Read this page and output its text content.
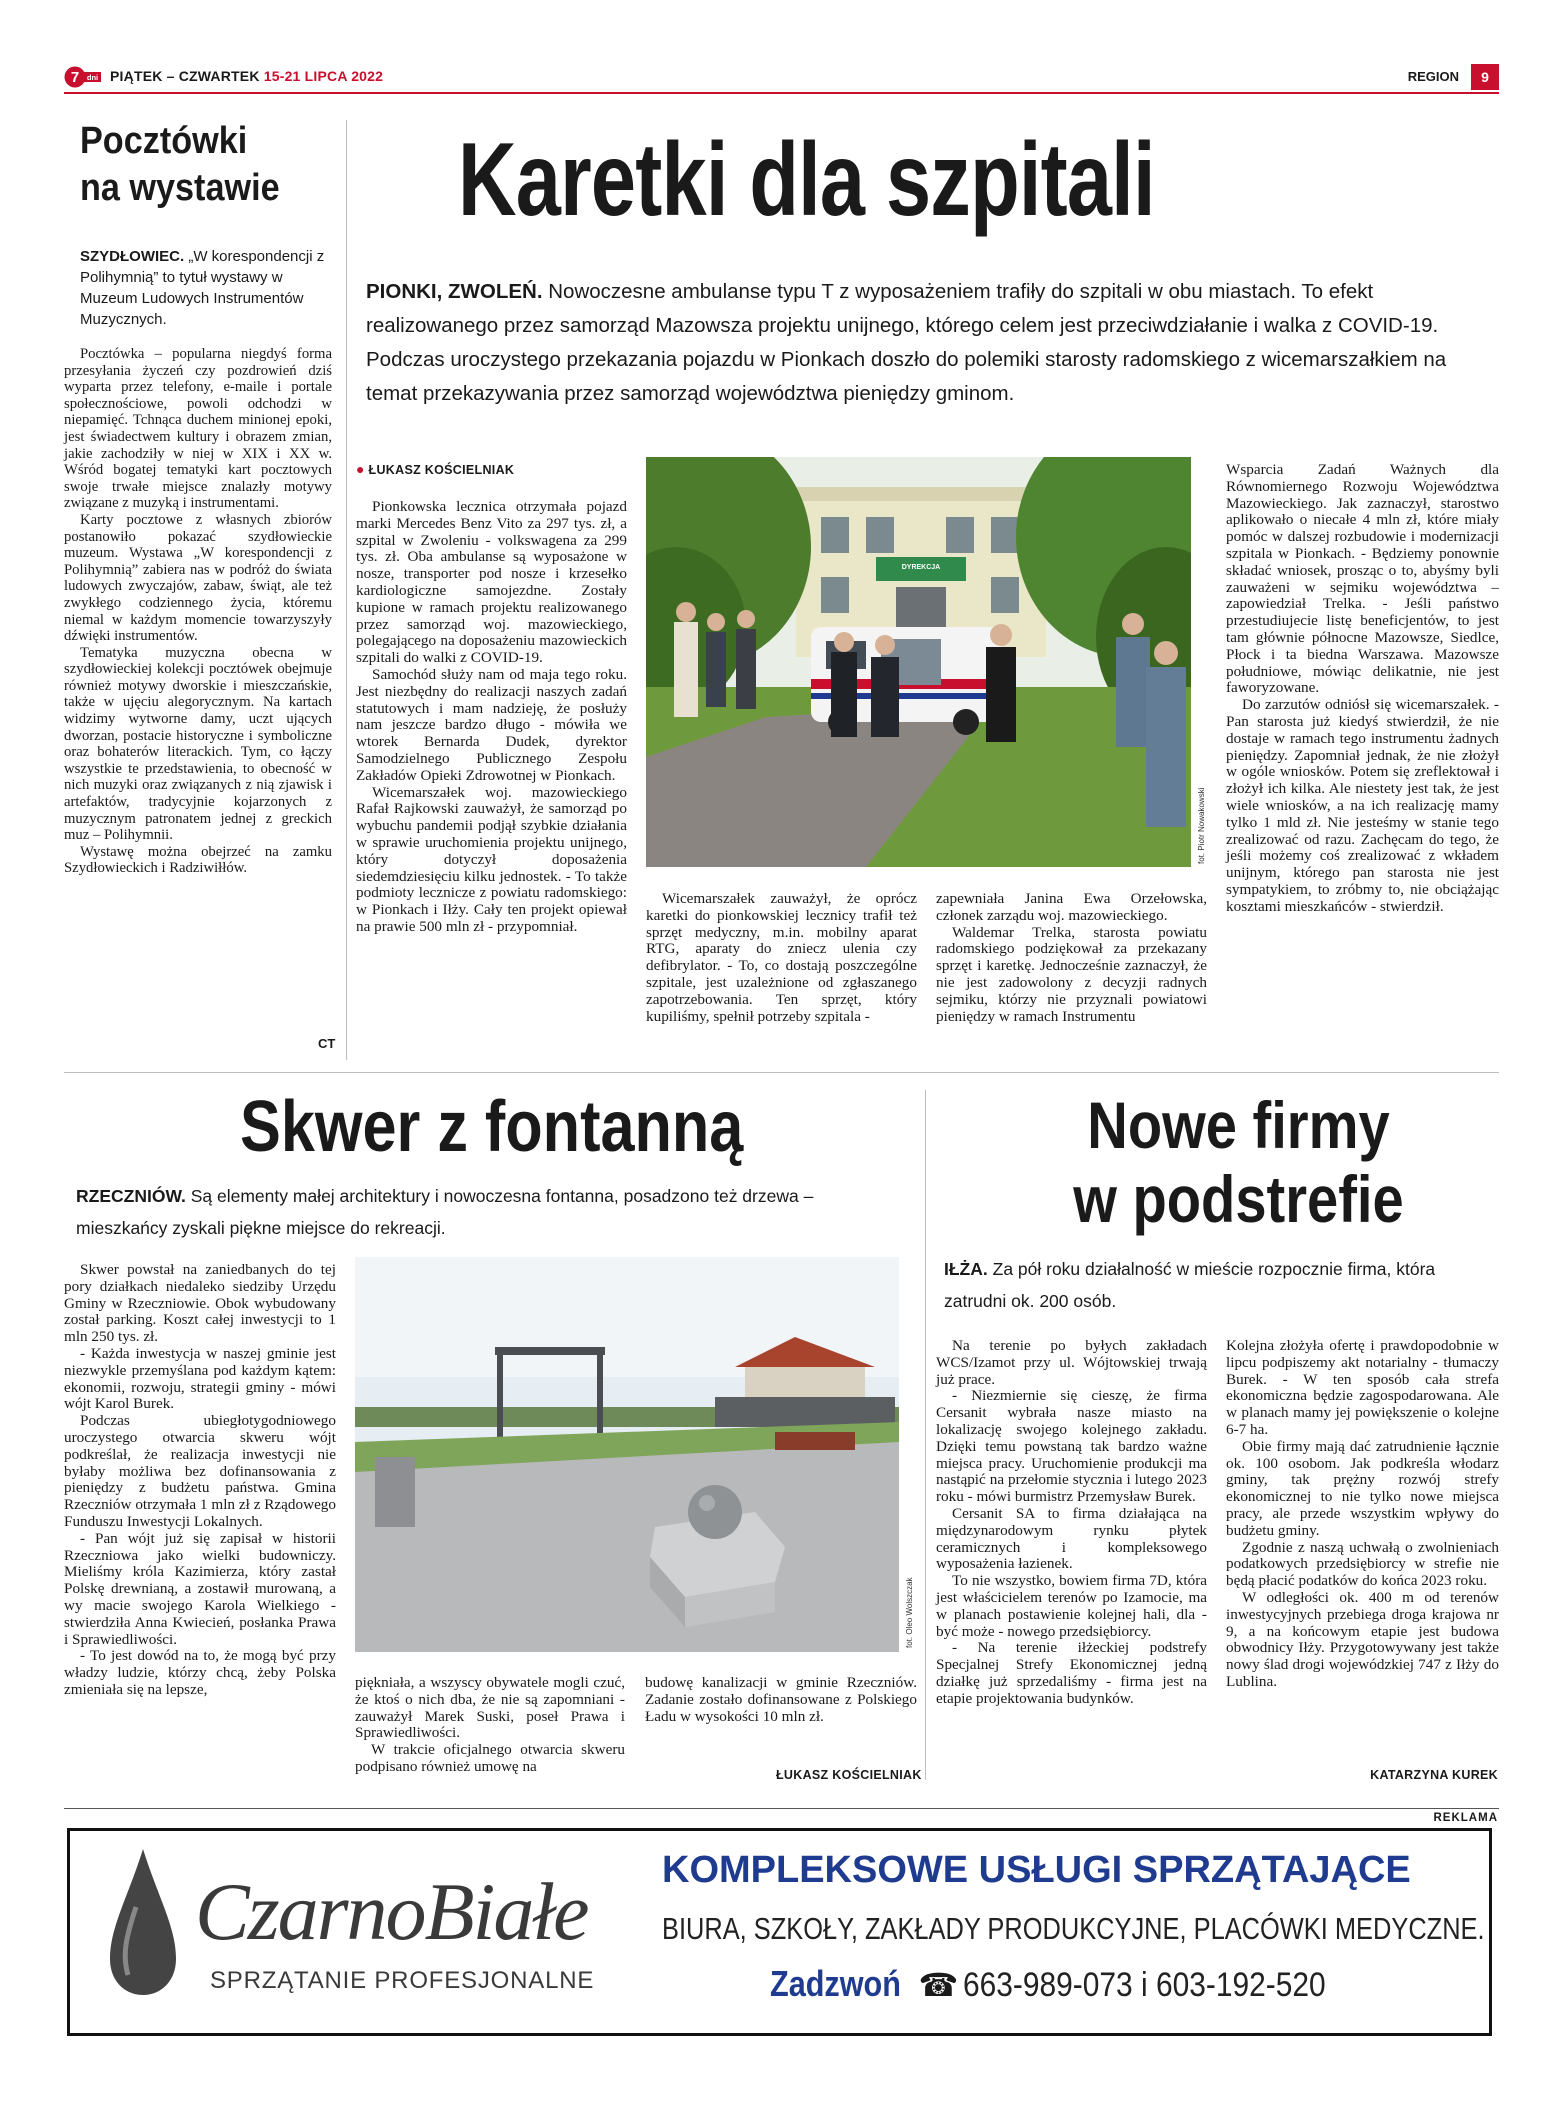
7 dni PIĄTEK – CZWARTEK 15-21 LIPCA 2022	REGION	9
Pocztówki
na wystawie
SZYDŁOWIEC. „W korespondencji z Polihymnią” to tytuł wystawy w Muzeum Ludowych Instrumentów Muzycznych.

Pocztówka – popularna niegdyś forma przesyłania życzeń czy pozdrowień dziś wyparta przez telefony, e-maile i portale społecznościowe, powoli odchodzi w niepamięć. Tchnąca duchem minionej epoki, jest świadectwem kultury i obrazem zmian, jakie zachodziły w niej w XIX i XX w. Wśród bogatej tematyki kart pocztowych swoje trwałe miejsce znalazły motywy związane z muzyką i instrumentami.

Karty pocztowe z własnych zbiorów postanowiło pokazać szydłowieckie muzeum. Wystawa „W korespondencji z Polihymnią” zabiera nas w podróż do świata ludowych zwyczajów, zabaw, świąt, ale też zwykłego codziennego życia, któremu niemal w każdym momencie towarzyszyły dźwięki instrumentów.

Tematyka muzyczna obecna w szydłowieckiej kolekcji pocztówek obejmuje również motywy dworskie i mieszczańskie, także w ujęciu alegorycznym. Na kartach widzimy wytworne damy, uczt ujących dworzan, postacie historyczne i symboliczne oraz bohaterów literackich. Tym, co łączy wszystkie te przedstawienia, to obecność w nich muzyki oraz związanych z nią zjawisk i artefaktów, tradycyjnie kojarzonych z muzycznym patronatem jednej z greckich muz – Polihymnii.

Wystawę można obejrzeć na zamku Szydłowieckich i Radziwiłłów.

CT
Karetki dla szpitali
PIONKI, ZWOLEŃ. Nowoczesne ambulanse typu T z wyposażeniem trafiły do szpitali w obu miastach. To efekt realizowanego przez samorząd Mazowsza projektu unijnego, którego celem jest przeciwdziałanie i walka z COVID-19. Podczas uroczystego przekazania pojazdu w Pionkach doszło do polemiki starosty radomskiego z wicemarszałkiem na temat przekazywania przez samorząd województwa pieniędzy gminom.
● ŁUKASZ KOŚCIELNIAK
DYREKCJA
fot. Piotr Nowakowski

Pionkowska lecznica otrzymała pojazd marki Mercedes Benz Vito za 297 tys. zł, a szpital w Zwoleniu - volkswagena za 299 tys. zł. Oba ambulanse są wyposażone w nosze, transporter pod nosze i krzesełko kardiologiczne samojezdne. Zostały kupione w ramach projektu realizowanego przez samorząd woj. mazowieckiego, polegającego na doposażeniu mazowieckich szpitali do walki z COVID-19.

Samochód służy nam od maja tego roku. Jest niezbędny do realizacji naszych zadań statutowych i mam nadzieję, że posłuży nam jeszcze bardzo długo - mówiła we wtorek Bernarda Dudek, dyrektor Samodzielnego Publicznego Zespołu Zakładów Opieki Zdrowotnej w Pionkach.

Wicemarszałek woj. mazowieckiego Rafał Rajkowski zauważył, że samorząd po wybuchu pandemii podjął szybkie działania w sprawie uruchomienia projektu unijnego, który dotyczył doposażenia siedemdziesięciu kilku jednostek. - To także podmioty lecznicze z powiatu radomskiego: w Pionkach i Iłży. Cały ten projekt opiewał na prawie 500 mln zł - przypomniał.

Wicemarszałek zauważył, że oprócz karetki do pionkowskiej lecznicy trafił też sprzęt medyczny, m.in. mobilny aparat RTG, aparaty do zniecz ulenia czy defibrylator. - To, co dostają poszczególne szpitale, jest uzależnione od zgłaszanego zapotrzebowania. Ten sprzęt, który kupiliśmy, spełnił potrzeby szpitala -

zapewniała Janina Ewa Orzełowska, członek zarządu woj. mazowieckiego.

Waldemar Trelka, starosta powiatu radomskiego podziękował za przekazany sprzęt i karetkę. Jednocześnie zaznaczył, że nie jest zadowolony z decyzji radnych sejmiku, którzy nie przyznali powiatowi pieniędzy w ramach Instrumentu

Wsparcia Zadań Ważnych dla Równomiernego Rozwoju Województwa Mazowieckiego. Jak zaznaczył, starostwo aplikowało o niecałe 4 mln zł, które miały pomóc w dalszej rozbudowie i modernizacji szpitala w Pionkach. - Będziemy ponownie składać wniosek, prosząc o to, abyśmy byli zauważeni w sejmiku województwa – zapowiedział Trelka. - Jeśli państwo przestudiujecie listę beneficjentów, to jest tam głównie północne Mazowsze, Siedlce, Płock i ta biedna Warszawa. Mazowsze południowe, mówiąc delikatnie, nie jest faworyzowane.

Do zarzutów odniósł się wicemarszałek. - Pan starosta już kiedyś stwierdził, że nie dostaje w ramach tego instrumentu żadnych pieniędzy. Zapomniał jednak, że nie złożył w ogóle wniosków. Potem się zreflektował i złożył ich kilka. Ale niestety jest tak, że jest wiele wniosków, a na ich realizację mamy tylko 1 mld zł. Nie jesteśmy w stanie tego zrealizować od razu. Zachęcam do tego, że jeśli możemy coś zrealizować z wkładem unijnym, którego pan starosta nie jest sympatykiem, to zróbmy to, nie obciążając kosztami mieszkańców - stwierdził.

Skwer z fontanną
RZECZNIÓW. Są elementy małej architektury i nowoczesna fontanna, posadzono też drzewa – mieszkańcy zyskali piękne miejsce do rekreacji.
fot. Oleo Wolszczak

Skwer powstał na zaniedbanych do tej pory działkach niedaleko siedziby Urzędu Gminy w Rzeczniowie. Obok wybudowany został parking. Koszt całej inwestycji to 1 mln 250 tys. zł.

- Każda inwestycja w naszej gminie jest niezwykle przemyślana pod każdym kątem: ekonomii, rozwoju, strategii gminy - mówi wójt Karol Burek.

Podczas ubiegłotygodniowego uroczystego otwarcia skweru wójt podkreślał, że realizacja inwestycji nie byłaby możliwa bez dofinansowania z pieniędzy z budżetu państwa. Gmina Rzeczniów otrzymała 1 mln zł z Rządowego Funduszu Inwestycji Lokalnych.

- Pan wójt już się zapisał w historii Rzeczniowa jako wielki budowniczy. Mieliśmy króla Kazimierza, który zastał Polskę drewnianą, a zostawił murowaną, a wy macie swojego Karola Wielkiego - stwierdziła Anna Kwiecień, posłanka Prawa i Sprawiedliwości.

- To jest dowód na to, że mogą być przy władzy ludzie, którzy chcą, żeby Polska zmieniała się na lepsze,	piękniała, a wszyscy obywatele mogli czuć, że ktoś o nich dba, że nie są zapomniani - zauważył Marek Suski, poseł Prawa i Sprawiedliwości.

W trakcie oficjalnego otwarcia skweru podpisano również umowę na

budowę kanalizacji w gminie Rzeczniów. Zadanie zostało dofinansowane z Polskiego Ładu w wysokości 10 mln zł.

ŁUKASZ KOŚCIELNIAK
Nowe firmy
w podstrefie
IŁŻA. Za pół roku działalność w mieście rozpocznie firma, która zatrudni ok. 200 osób.

Na terenie po byłych zakładach WCS/Izamot przy ul. Wójtowskiej trwają już prace.

- Niezmiernie się cieszę, że firma Cersanit wybrała nasze miasto na lokalizację swojego kolejnego zakładu. Dzięki temu powstaną tak bardzo ważne miejsca pracy. Uruchomienie produkcji ma nastąpić na przełomie stycznia i lutego 2023 roku - mówi burmistrz Przemysław Burek.

Cersanit SA to firma działająca na międzynarodowym rynku płytek ceramicznych i kompleksowego wyposażenia łazienek.

To nie wszystko, bowiem firma 7D, która jest właścicielem terenów po Izamocie, ma w planach postawienie kolejnej hali, dla - być może - nowego przedsiębiorcy.

- Na terenie iłżeckiej podstrefy Specjalnej Strefy Ekonomicznej jedną działkę już sprzedaliśmy - firma jest na etapie projektowania budynków.

Kolejna złożyła ofertę i prawdopodobnie w lipcu podpiszemy akt notarialny - tłumaczy Burek. - W ten sposób cała strefa ekonomiczna będzie zagospodarowana. Ale w planach mamy jej powiększenie o kolejne 6-7 ha.

Obie firmy mają dać zatrudnienie łącznie ok. 100 osobom. Jak podkreśla włodarz gminy, tak prężny rozwój strefy ekonomicznej to nie tylko nowe miejsca pracy, ale przede wszystkim wpływy do budżetu gminy.

Zgodnie z naszą uchwałą o zwolnieniach podatkowych przedsiębiorcy w strefie nie będą płacić podatków do końca 2023 roku.

W odległości ok. 400 m od terenów inwestycyjnych przebiega droga krajowa nr 9, a na końcowym etapie jest budowa obwodnicy Iłży. Przygotowywany jest także nowy ślad drogi wojewódzkiej 747 z Iłży do Lublina.

KATARZYNA KUREK
REKLAMA
CzarnoBiałe
SPRZĄTANIE PROFESJONALNE
KOMPLEKSOWE USŁUGI SPRZĄTAJĄCE
BIURA, SZKOŁY, ZAKŁADY PRODUKCYJNE, PLACÓWKI MEDYCZNE.
Zadzwoń ☎ 663-989-073 i 603-192-520
